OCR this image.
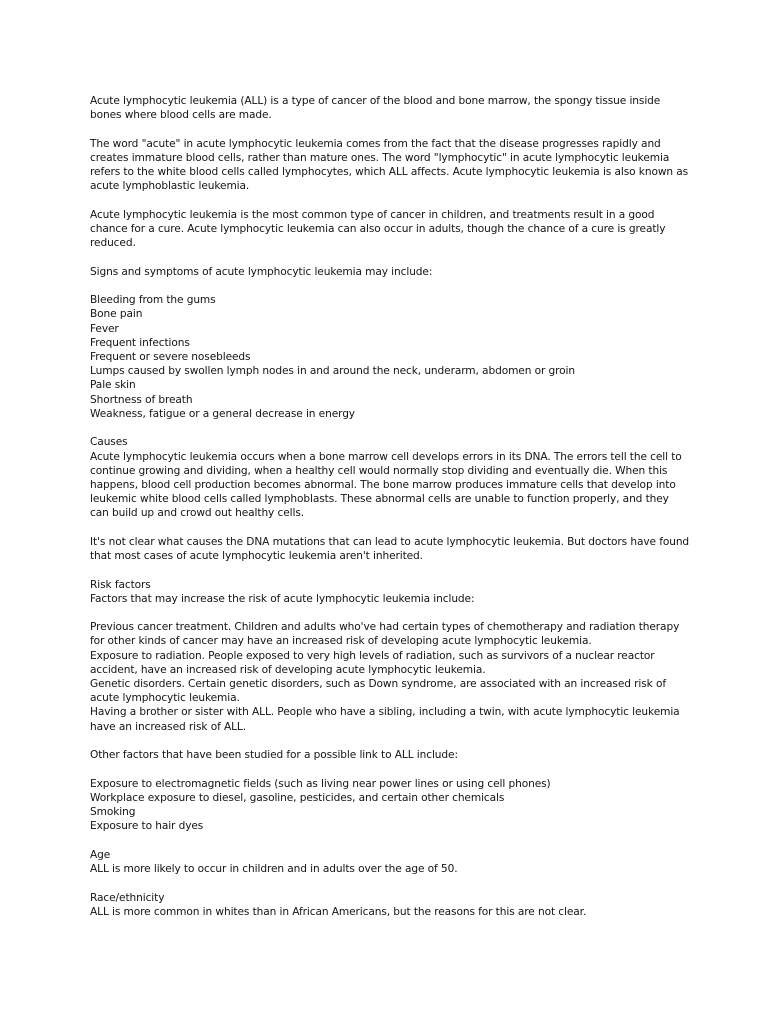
Acute lymphocytic leukemia (ALL) is a type of cancer of the blood and bone marrow, the spongy tissue inside bones where blood cells are made.

The word "acute" in acute lymphocytic leukemia comes from the fact that the disease progresses rapidly and creates immature blood cells, rather than mature ones. The word "lymphocytic" in acute lymphocytic leukemia refers to the white blood cells called lymphocytes, which ALL affects. Acute lymphocytic leukemia is also known as acute lymphoblastic leukemia.

Acute lymphocytic leukemia is the most common type of cancer in children, and treatments result in a good chance for a cure. Acute lymphocytic leukemia can also occur in adults, though the chance of a cure is greatly reduced.

Signs and symptoms of acute lymphocytic leukemia may include:

Bleeding from the gums
Bone pain
Fever
Frequent infections
Frequent or severe nosebleeds
Lumps caused by swollen lymph nodes in and around the neck, underarm, abdomen or groin
Pale skin
Shortness of breath
Weakness, fatigue or a general decrease in energy
Causes
Acute lymphocytic leukemia occurs when a bone marrow cell develops errors in its DNA. The errors tell the cell to continue growing and dividing, when a healthy cell would normally stop dividing and eventually die. When this happens, blood cell production becomes abnormal. The bone marrow produces immature cells that develop into leukemic white blood cells called lymphoblasts. These abnormal cells are unable to function properly, and they can build up and crowd out healthy cells.

It's not clear what causes the DNA mutations that can lead to acute lymphocytic leukemia. But doctors have found that most cases of acute lymphocytic leukemia aren't inherited.

Risk factors
Factors that may increase the risk of acute lymphocytic leukemia include:
Previous cancer treatment. Children and adults who've had certain types of chemotherapy and radiation therapy for other kinds of cancer may have an increased risk of developing acute lymphocytic leukemia.
Exposure to radiation. People exposed to very high levels of radiation, such as survivors of a nuclear reactor accident, have an increased risk of developing acute lymphocytic leukemia.
Genetic disorders. Certain genetic disorders, such as Down syndrome, are associated with an increased risk of acute lymphocytic leukemia.
Having a brother or sister with ALL. People who have a sibling, including a twin, with acute lymphocytic leukemia have an increased risk of ALL.

Other factors that have been studied for a possible link to ALL include:

Exposure to electromagnetic fields (such as living near power lines or using cell phones)
Workplace exposure to diesel, gasoline, pesticides, and certain other chemicals
Smoking
Exposure to hair dyes
Age
ALL is more likely to occur in children and in adults over the age of 50.
Race/ethnicity
ALL is more common in whites than in African Americans, but the reasons for this are not clear.
